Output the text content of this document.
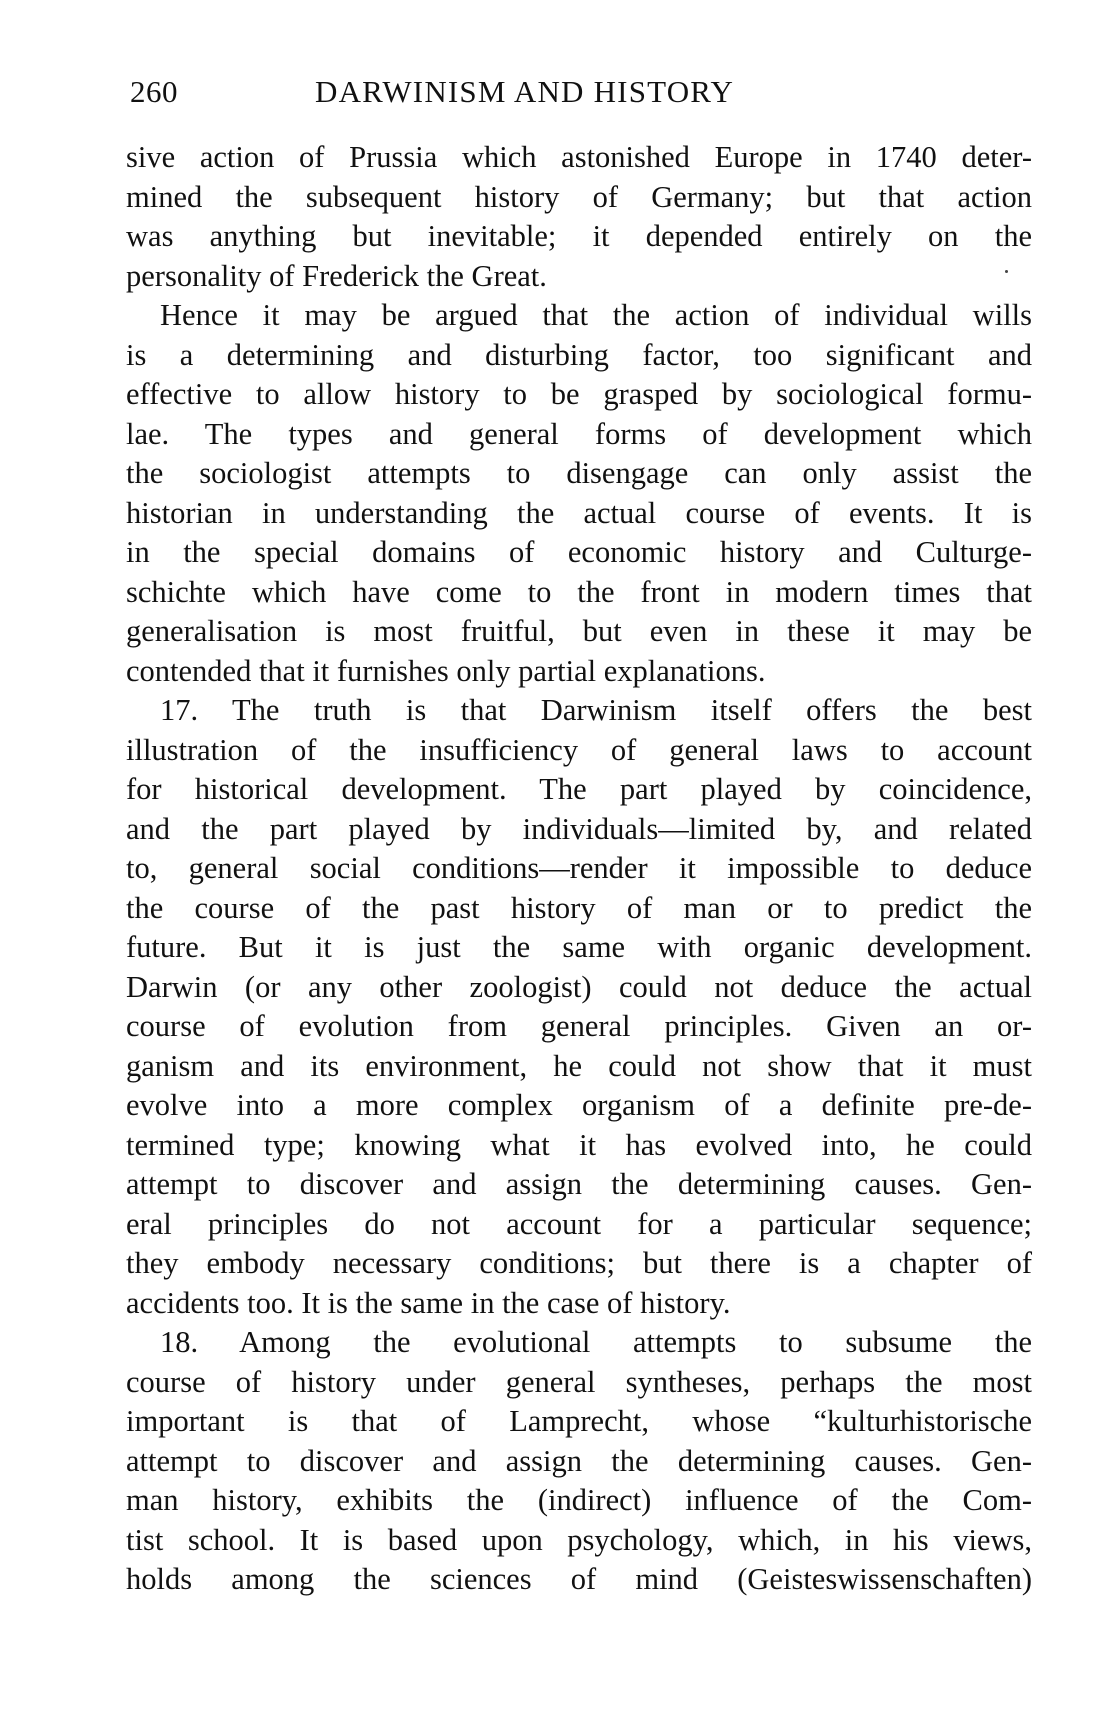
260	DARWINISM AND HISTORY
sive action of Prussia which astonished Europe in 1740 deter-
mined the subsequent history of Germany; but that action
was anything but inevitable; it depended entirely on the
personality of Frederick the Great.
Hence it may be argued that the action of individual wills
is a determining and disturbing factor, too significant and
effective to allow history to be grasped by sociological formu-
lae. The types and general forms of development which
the sociologist attempts to disengage can only assist the
historian in understanding the actual course of events. It is
in the special domains of economic history and Culturge-
schichte which have come to the front in modern times that
generalisation is most fruitful, but even in these it may be
contended that it furnishes only partial explanations.
17. The truth is that Darwinism itself offers the best
illustration of the insufficiency of general laws to account
for historical development. The part played by coincidence,
and the part played by individuals—limited by, and related
to, general social conditions—render it impossible to deduce
the course of the past history of man or to predict the
future. But it is just the same with organic development.
Darwin (or any other zoologist) could not deduce the actual
course of evolution from general principles. Given an or-
ganism and its environment, he could not show that it must
evolve into a more complex organism of a definite pre-de-
termined type; knowing what it has evolved into, he could
attempt to discover and assign the determining causes. Gen-
eral principles do not account for a particular sequence;
they embody necessary conditions; but there is a chapter of
accidents too. It is the same in the case of history.
18. Among the evolutional attempts to subsume the
course of history under general syntheses, perhaps the most
important is that of Lamprecht, whose “kulturhistorische
attempt to discover and assign the determining causes. Gen-
man history, exhibits the (indirect) influence of the Com-
tist school. It is based upon psychology, which, in his views,
holds among the sciences of mind (Geisteswissenschaften)
